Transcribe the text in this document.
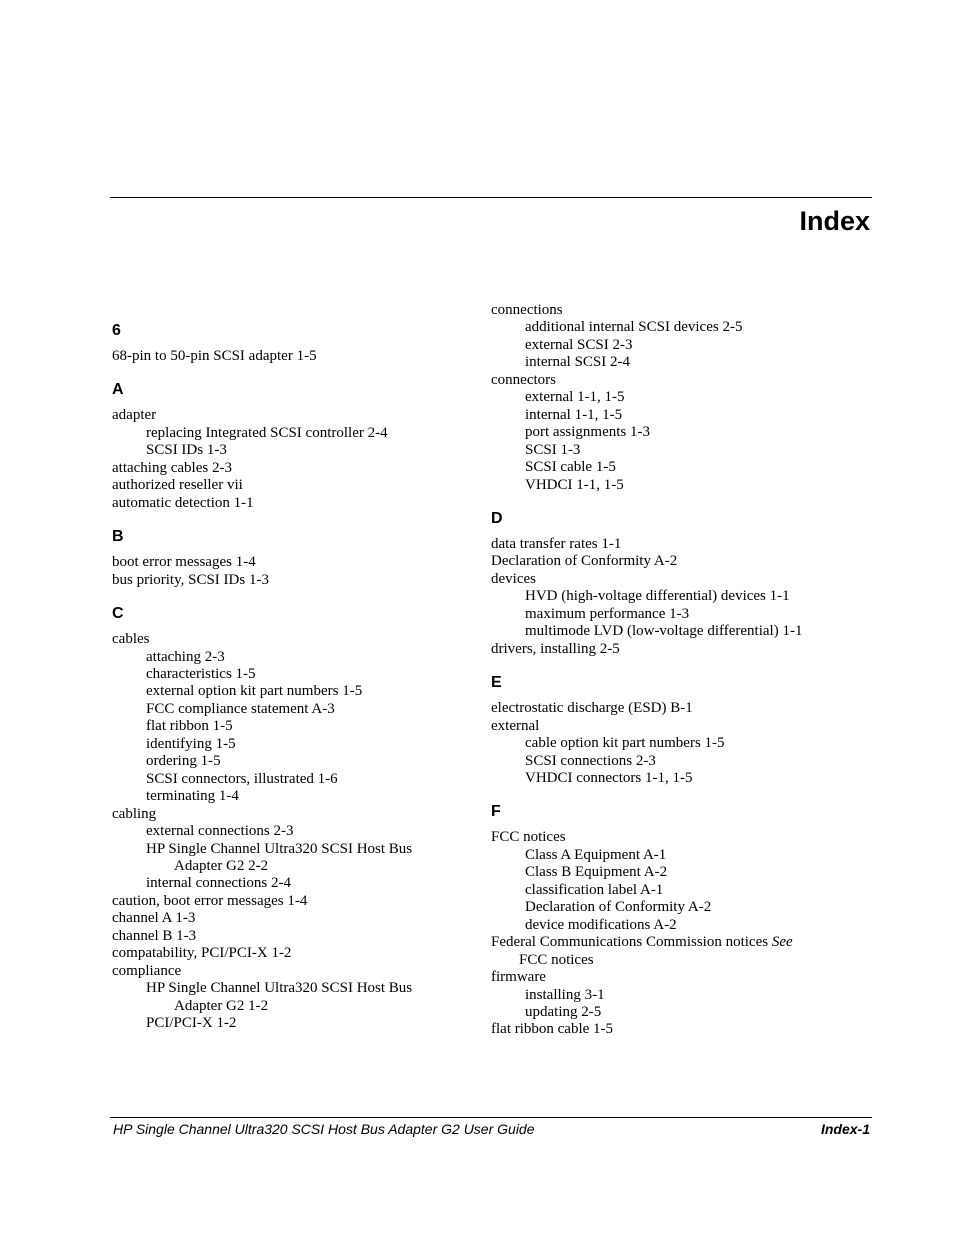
Index
6
68-pin to 50-pin SCSI adapter 1-5
A
adapter
replacing Integrated SCSI controller 2-4
SCSI IDs 1-3
attaching cables 2-3
authorized reseller vii
automatic detection 1-1
B
boot error messages 1-4
bus priority, SCSI IDs 1-3
C
cables
attaching 2-3
characteristics 1-5
external option kit part numbers 1-5
FCC compliance statement A-3
flat ribbon 1-5
identifying 1-5
ordering 1-5
SCSI connectors, illustrated 1-6
terminating 1-4
cabling
external connections 2-3
HP Single Channel Ultra320 SCSI Host Bus
Adapter G2 2-2
internal connections 2-4
caution, boot error messages 1-4
channel A 1-3
channel B 1-3
compatability, PCI/PCI-X 1-2
compliance
HP Single Channel Ultra320 SCSI Host Bus
Adapter G2 1-2
PCI/PCI-X 1-2
connections
additional internal SCSI devices 2-5
external SCSI 2-3
internal SCSI 2-4
connectors
external 1-1, 1-5
internal 1-1, 1-5
port assignments 1-3
SCSI 1-3
SCSI cable 1-5
VHDCI 1-1, 1-5
D
data transfer rates 1-1
Declaration of Conformity A-2
devices
HVD (high-voltage differential) devices 1-1
maximum performance 1-3
multimode LVD (low-voltage differential) 1-1
drivers, installing 2-5
E
electrostatic discharge (ESD) B-1
external
cable option kit part numbers 1-5
SCSI connections 2-3
VHDCI connectors 1-1, 1-5
F
FCC notices
Class A Equipment A-1
Class B Equipment A-2
classification label A-1
Declaration of Conformity A-2
device modifications A-2
Federal Communications Commission notices See
FCC notices
firmware
installing 3-1
updating 2-5
flat ribbon cable 1-5
HP Single Channel Ultra320 SCSI Host Bus Adapter G2 User Guide	Index-1
